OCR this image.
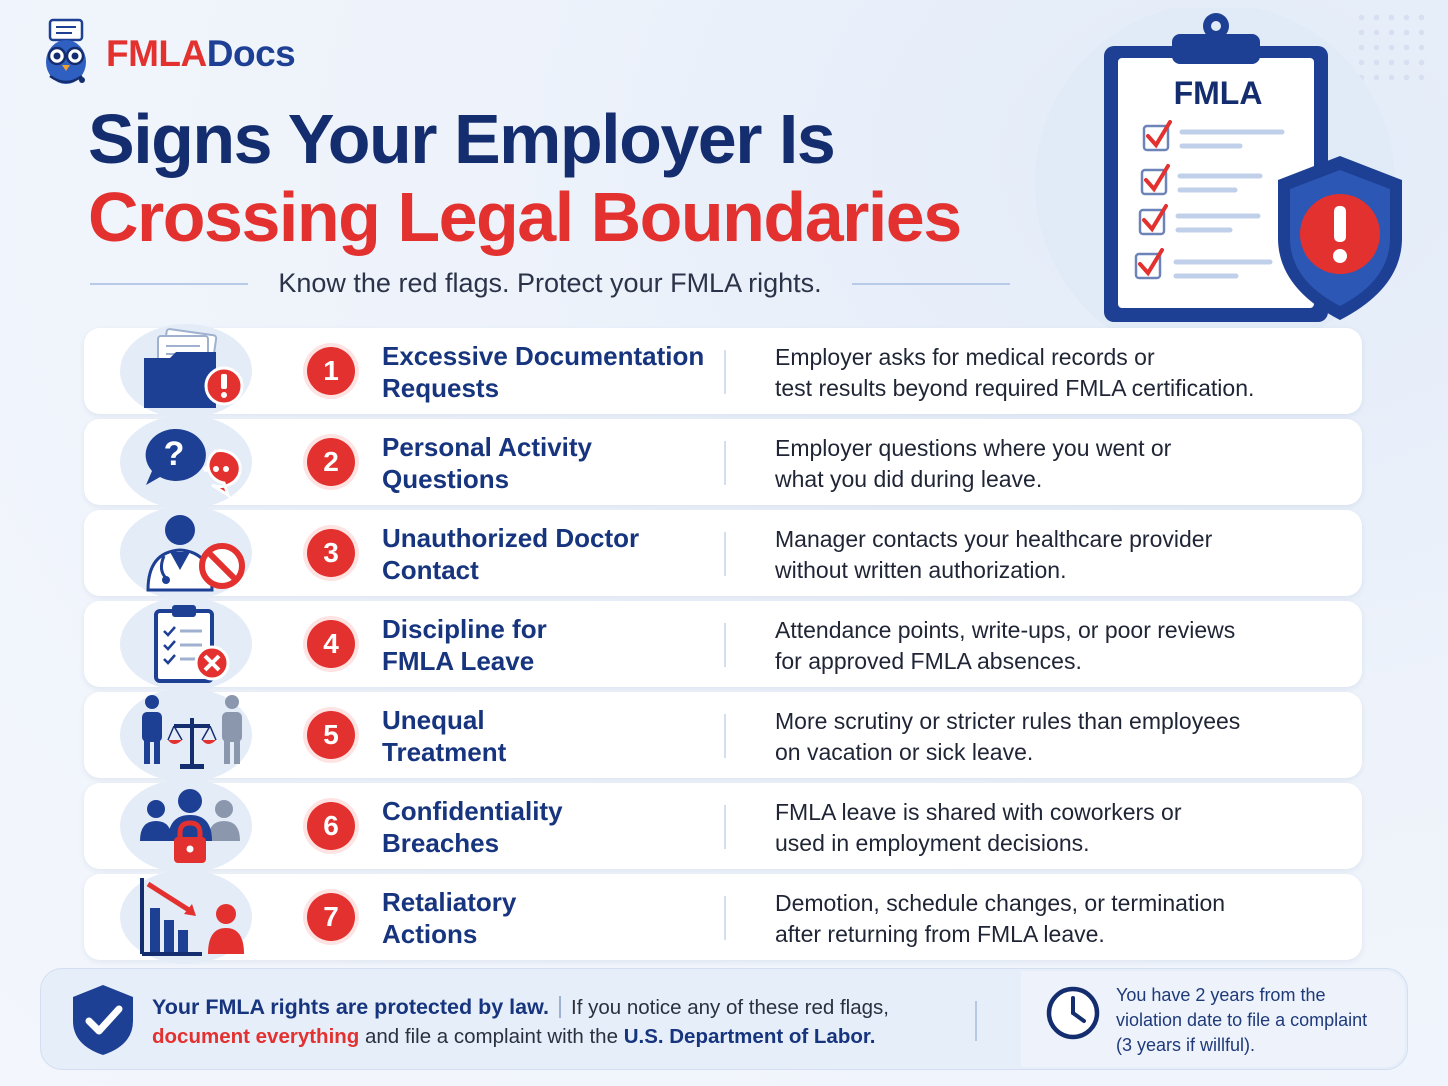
FMLADocs
Signs Your Employer Is
Crossing Legal Boundaries
Know the red flags. Protect your FMLA rights.
FMLA
1	Excessive Documentation
Requests
Employer asks for medical records or
test results beyond required FMLA certification.
?	2	Personal Activity
Questions
Employer questions where you went or
what you did during leave.
3	Unauthorized Doctor
Contact
Manager contacts your healthcare provider
without written authorization.
4	Discipline for
FMLA Leave
Attendance points, write-ups, or poor reviews
for approved FMLA absences.
5	Unequal
Treatment
More scrutiny or stricter rules than employees
on vacation or sick leave.
6	Confidentiality
Breaches
FMLA leave is shared with coworkers or
used in employment decisions.
7	Retaliatory
Actions
Demotion, schedule changes, or termination
after returning from FMLA leave.
Your FMLA rights are protected by law. If you notice any of these red flags,
document everything and file a complaint with the U.S. Department of Labor.
You have 2 years from the
violation date to file a complaint
(3 years if willful).
